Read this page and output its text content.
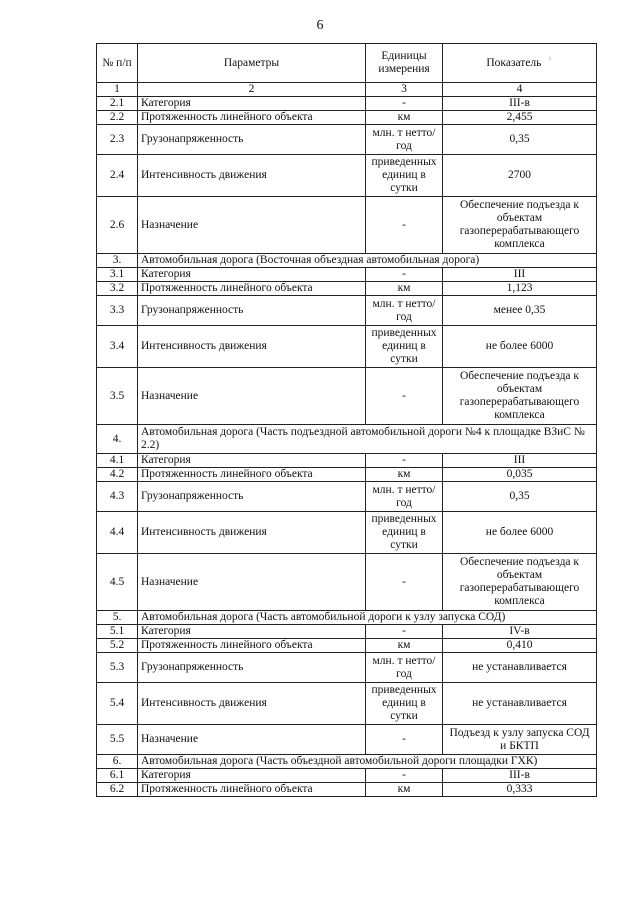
6
№ п/п	Параметры	Единицы измерения	Показатель ⸯ
1	2	3	4
2.1	Категория	-	III-в
2.2	Протяженность линейного объекта	км	2,455
2.3	Грузонапряженность	млн. т нетто/год	0,35
2.4	Интенсивность движения	приведенных единиц в сутки	2700
2.6	Назначение	-	Обеспечение подъезда к объектам газоперерабатывающего комплекса
3.	Автомобильная дорога (Восточная объездная автомобильная дорога)		
3.1	Категория	-	III
3.2	Протяженность линейного объекта	км	1,123
3.3	Грузонапряженность	млн. т нетто/год	менее 0,35
3.4	Интенсивность движения	приведенных единиц в сутки	не более 6000
3.5	Назначение	-	Обеспечение подъезда к объектам газоперерабатывающего комплекса
4.	Автомобильная дорога (Часть подъездной автомобильной дороги №4 к площадке ВЗиС № 2.2)		
4.1	Категория	-	III
4.2	Протяженность линейного объекта	км	0,035
4.3	Грузонапряженность	млн. т нетто/год	0,35
4.4	Интенсивность движения	приведенных единиц в сутки	не более 6000
4.5	Назначение	-	Обеспечение подъезда к объектам газоперерабатывающего комплекса
5.	Автомобильная дорога (Часть автомобильной дороги к узлу запуска СОД)		
5.1	Категория	-	IV-в
5.2	Протяженность линейного объекта	км	0,410
5.3	Грузонапряженность	млн. т нетто/год	не устанавливается
5.4	Интенсивность движения	приведенных единиц в сутки	не устанавливается
5.5	Назначение	-	Подъезд к узлу запуска СОД и БКТП
6.	Автомобильная дорога (Часть объездной автомобильной дороги площадки ГХК)		
6.1	Категория	-	III-в
6.2	Протяженность линейного объекта	км	0,333
